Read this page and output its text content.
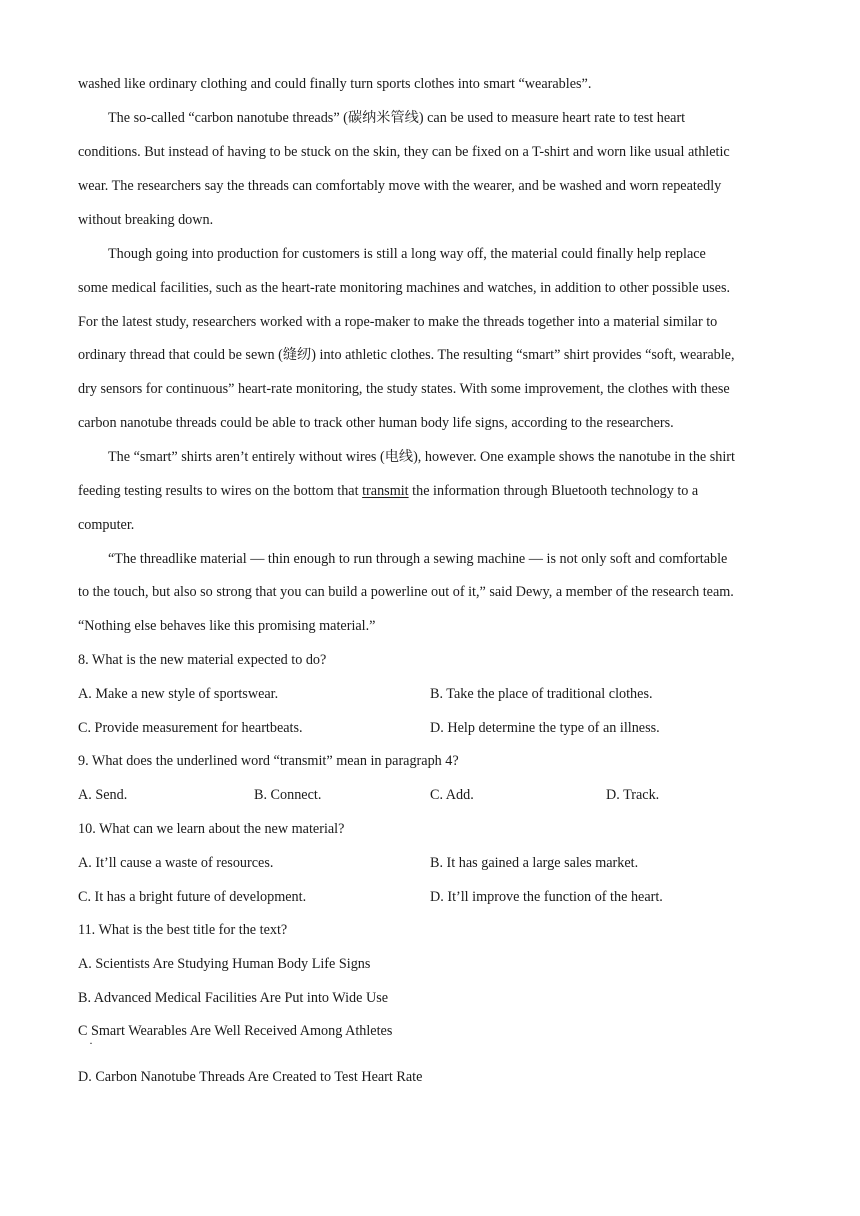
washed like ordinary clothing and could finally turn sports clothes into smart “wearables”.
The so-called “carbon nanotube threads” (碳纳米管线) can be used to measure heart rate to test heart
conditions. But instead of having to be stuck on the skin, they can be fixed on a T-shirt and worn like usual athletic
wear. The researchers say the threads can comfortably move with the wearer, and be washed and worn repeatedly
without breaking down.
Though going into production for customers is still a long way off, the material could finally help replace
some medical facilities, such as the heart-rate monitoring machines and watches, in addition to other possible uses.
For the latest study, researchers worked with a rope-maker to make the threads together into a material similar to
ordinary thread that could be sewn (缝纫) into athletic clothes. The resulting “smart” shirt provides “soft, wearable,
dry sensors for continuous” heart-rate monitoring, the study states. With some improvement, the clothes with these
carbon nanotube threads could be able to track other human body life signs, according to the researchers.
The “smart” shirts aren’t entirely without wires (电线), however. One example shows the nanotube in the shirt
feeding testing results to wires on the bottom that transmit the information through Bluetooth technology to a
computer.
“The threadlike material — thin enough to run through a sewing machine — is not only soft and comfortable
to the touch, but also so strong that you can build a powerline out of it,” said Dewy, a member of the research team.
“Nothing else behaves like this promising material.”
8. What is the new material expected to do?
A. Make a new style of sportswear.	B. Take the place of traditional clothes.
C. Provide measurement for heartbeats.	D. Help determine the type of an illness.
9. What does the underlined word “transmit” mean in paragraph 4?
A. Send.	B. Connect.	C. Add.	D. Track.
10. What can we learn about the new material?
A. It’ll cause a waste of resources.	B. It has gained a large sales market.
C. It has a bright future of development.	D. It’ll improve the function of the heart.
11. What is the best title for the text?
A. Scientists Are Studying Human Body Life Signs
B. Advanced Medical Facilities Are Put into Wide Use
C Smart Wearables Are Well Received Among Athletes
·
D. Carbon Nanotube Threads Are Created to Test Heart Rate
